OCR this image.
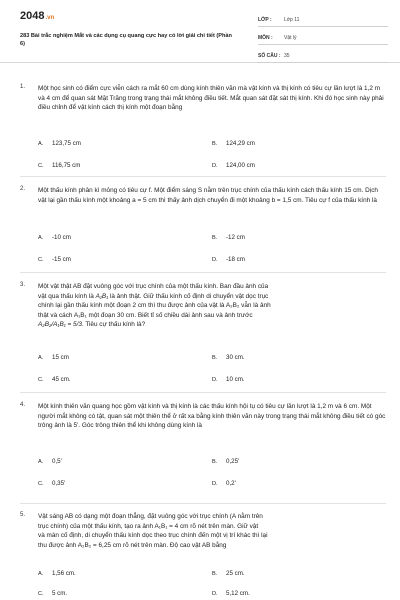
2048.vn
283 Bài trắc nghiệm Mắt và các dụng cụ quang cực hay có lời giải chi tiết (Phần 6)
LỚP : Lớp 11
MÔN : Vật lý
SỐ CÂU : 35
1. Một học sinh có điểm cực viễn cách ra mắt 60 cm dùng kính thiên văn mà vật kính và thị kính có tiêu cự lần lượt là 1,2 m và 4 cm để quan sát Mặt Trăng trong trạng thái mắt không điều tiết. Mắt quan sát đặt sát thị kính. Khi đó học sinh này phải điều chỉnh để vật kính cách thị kính một đoạn bằng
A. 123,75 cm	B. 124,29 cm
C. 116,75 cm	D. 124,00 cm
2. Một thấu kính phân kì mỏng có tiêu cự f. Một điểm sáng S nằm trên trục chính của thấu kính cách thấu kính 15 cm. Dịch vật lại gần thấu kính một khoảng a = 5 cm thì thấy ảnh dịch chuyển đi một khoảng b = 1,5 cm. Tiêu cự f của thấu kính là
A. -10 cm	B. -12 cm
C. -15 cm	D. -18 cm
3. Một vật thật AB đặt vuông góc với trục chính của một thấu kính. Ban đầu ảnh của
vật qua thấu kính là A₁B₁ là ảnh thật. Giữ thấu kính cố định di chuyển vật dọc trục
chính lại gần thấu kính một đoạn 2 cm thì thu được ảnh của vật là A₂B₂ vẫn là ảnh
thật và cách A₁B₁ một đoạn 30 cm. Biết tỉ số chiều dài ảnh sau và ảnh trước
A₂B₂/A₁B₁ = 5/3. Tiêu cự thấu kính là?
A. 15 cm	B. 30 cm.
C. 45 cm.	D. 10 cm.
4. Một kính thiên văn quang học gồm vật kính và thị kính là các thấu kính hội tụ có tiêu cự lần lượt là 1,2 m và 6 cm. Một người mắt không có tật, quan sát một thiên thể ở rất xa bằng kính thiên văn này trong trạng thái mắt không điều tiết có góc trông ảnh là 5'. Góc trông thiên thể khi không dùng kính là
A. 0,5'	B. 0,25'
C. 0,35'	D. 0,2'
5. Vật sáng AB có dạng một đoạn thẳng, đặt vuông góc với trục chính (A nằm trên
trục chính) của một thấu kính, tạo ra ảnh A₁B₁ = 4 cm rõ nét trên màn. Giữ vật
và màn cố định, di chuyển thấu kính dọc theo trục chính đến một vị trí khác thì lại
thu được ảnh A₂B₂ = 6,25 cm rõ nét trên màn. Độ cao vật AB bằng
A. 1,56 cm.	B. 25 cm.
C. 5 cm.	D. 5,12 cm.
